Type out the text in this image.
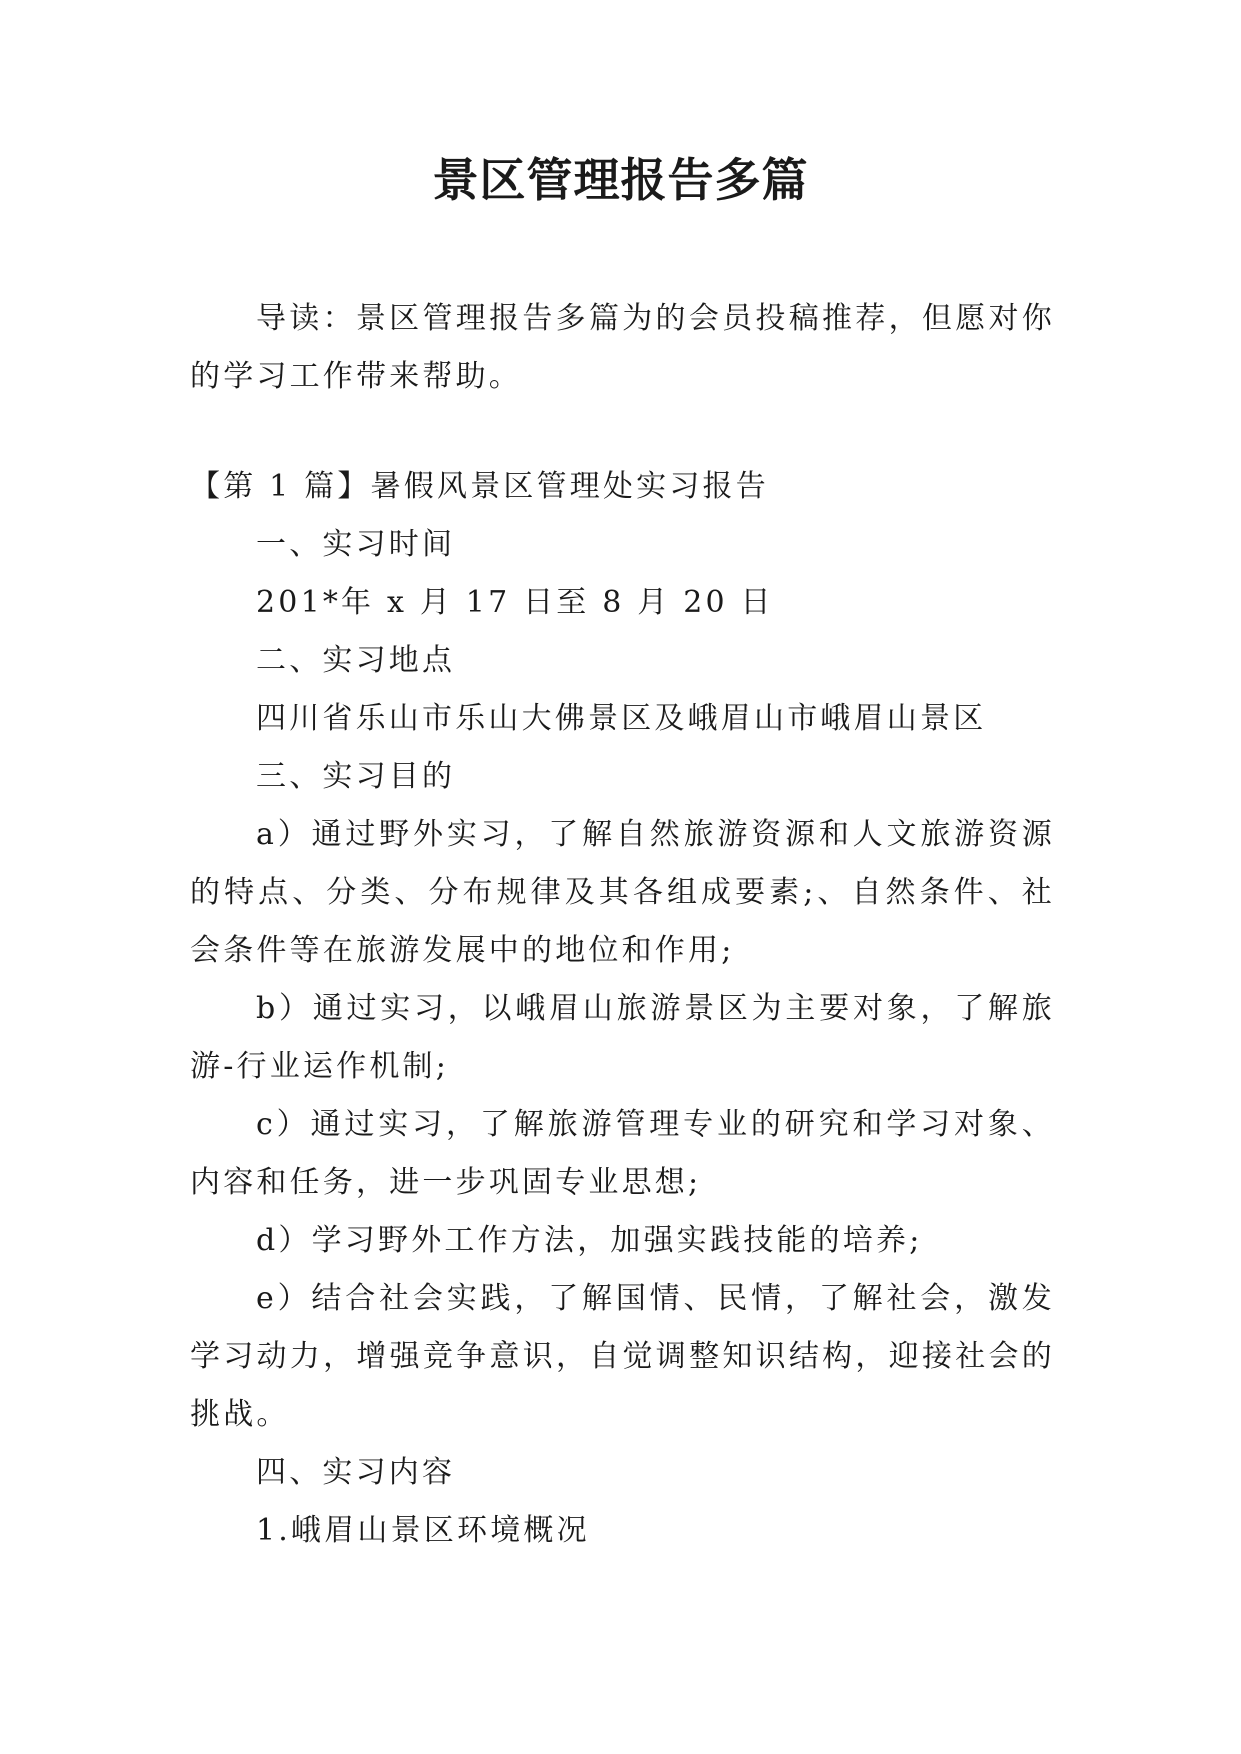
景区管理报告多篇

导读：景区管理报告多篇为的会员投稿推荐，但愿对你的学习工作带来帮助。

【第 1 篇】暑假风景区管理处实习报告

一、实习时间

201*年 x 月 17 日至 8 月 20 日

二、实习地点

四川省乐山市乐山大佛景区及峨眉山市峨眉山景区

三、实习目的

a）通过野外实习，了解自然旅游资源和人文旅游资源的特点、分类、分布规律及其各组成要素;、自然条件、社会条件等在旅游发展中的地位和作用;

b）通过实习，以峨眉山旅游景区为主要对象，了解旅游-行业运作机制;

c）通过实习，了解旅游管理专业的研究和学习对象、内容和任务，进一步巩固专业思想;

d）学习野外工作方法，加强实践技能的培养;

e）结合社会实践，了解国情、民情，了解社会，激发学习动力，增强竞争意识，自觉调整知识结构，迎接社会的挑战。

四、实习内容

1.峨眉山景区环境概况
